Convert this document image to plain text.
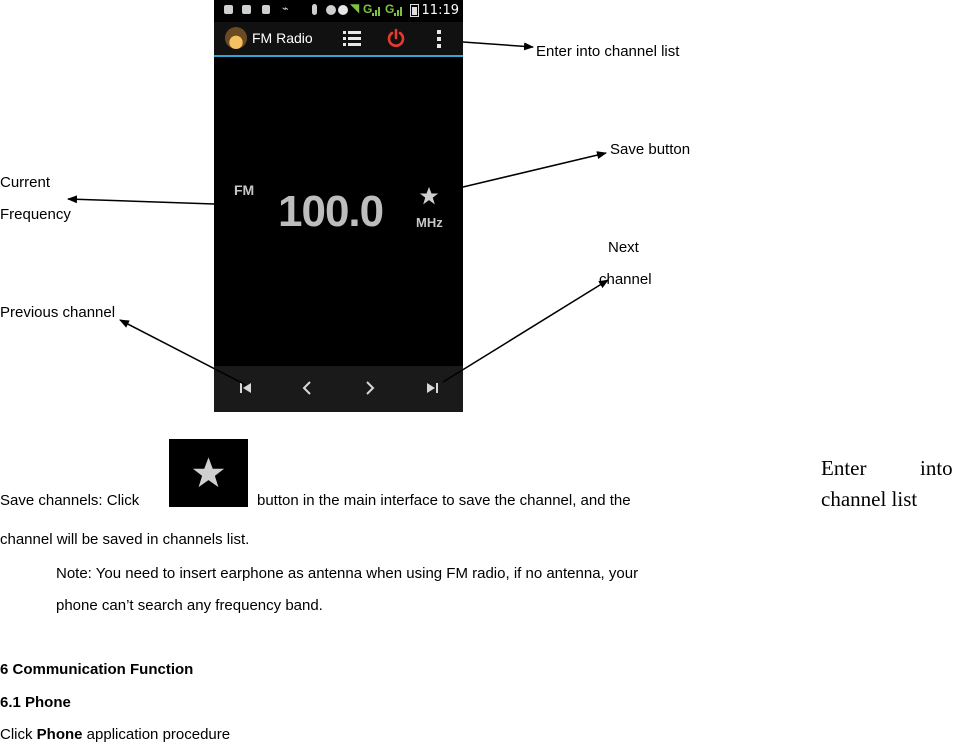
⌁	◥ G G 11:19
FM Radio
FM 100.0	MHz
Enter into channel list
Save button
Current
Frequency
Next
channel
Previous channel
Save channels: Click	button in the main interface to save the channel, and the
channel will be saved in channels list.
Note: You need to insert earphone as antenna when using FM radio, if no antenna, your
phone can’t search any frequency band.
6 Communication Function
6.1 Phone
Click Phone application procedure
Enter	into
channel list
